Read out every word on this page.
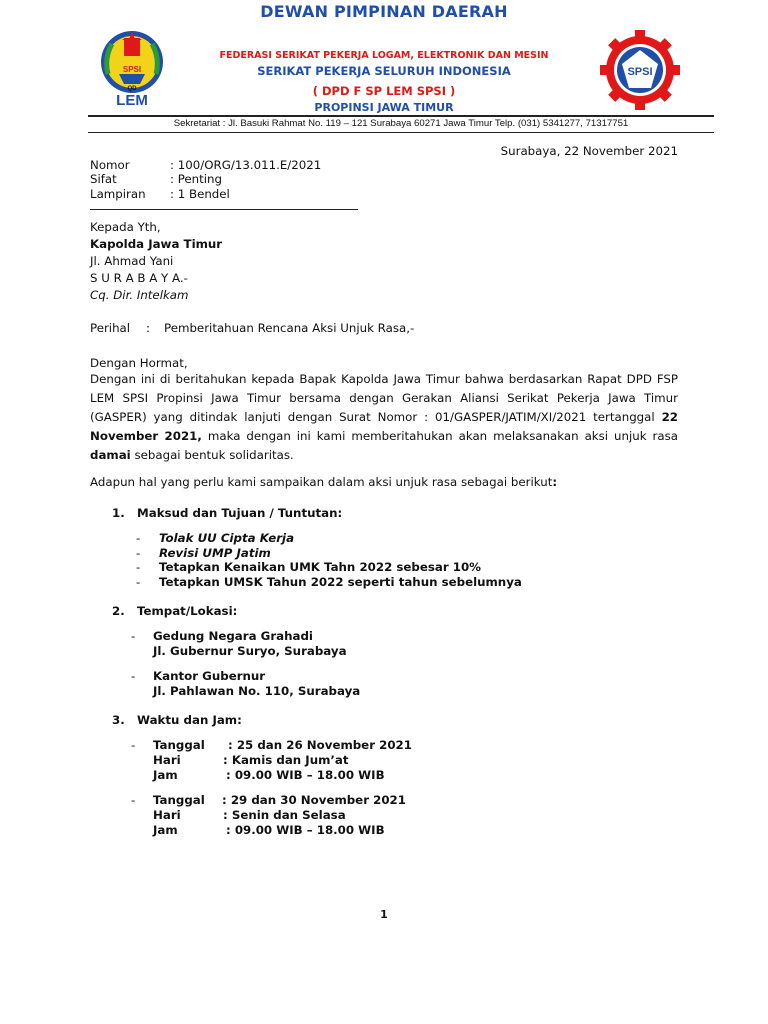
SPSI
QD
LEM
SPSI
DEWAN PIMPINAN DAERAH
FEDERASI SERIKAT PEKERJA LOGAM, ELEKTRONIK DAN MESIN
SERIKAT PEKERJA SELURUH INDONESIA
( DPD F SP LEM SPSI )
PROPINSI JAWA TIMUR
Sekretariat : Jl. Basuki Rahmat No. 119 – 121 Surabaya 60271 Jawa Timur Telp. (031) 5341277, 71317751
Surabaya, 22 November 2021
Nomor	: 100/ORG/13.011.E/2021
Sifat	: Penting
Lampiran : 1 Bendel
Kepada Yth,
Kapolda Jawa Timur
Jl. Ahmad Yani
S U R A B A Y A.-
Cq. Dir. Intelkam
Perihal : Pemberitahuan Rencana Aksi Unjuk Rasa,-
Dengan Hormat,
Dengan ini di beritahukan kepada Bapak Kapolda Jawa Timur bahwa berdasarkan Rapat DPD FSP LEM SPSI Propinsi Jawa Timur bersama dengan Gerakan Aliansi Serikat Pekerja Jawa Timur (GASPER) yang ditindak lanjuti dengan Surat Nomor : 01/GASPER/JATIM/XI/2021 tertanggal 22 November 2021, maka dengan ini kami memberitahukan akan melaksanakan aksi unjuk rasa damai sebagai bentuk solidaritas.
Adapun hal yang perlu kami sampaikan dalam aksi unjuk rasa sebagai berikut:
1. Maksud dan Tujuan / Tuntutan:
-	Tolak UU Cipta Kerja
-	Revisi UMP Jatim
-	Tetapkan Kenaikan UMK Tahn 2022 sebesar 10%
-	Tetapkan UMSK Tahun 2022 seperti tahun sebelumnya
2. Tempat/Lokasi:
-	Gedung Negara Grahadi
Jl. Gubernur Suryo, Surabaya
-	Kantor Gubernur
Jl. Pahlawan No. 110, Surabaya
3. Waktu dan Jam:
-	Tanggal : 25 dan 26 November 2021
Hari	: Kamis dan Jum’at
Jam	: 09.00 WIB – 18.00 WIB
-	Tanggal : 29 dan 30 November 2021
Hari	: Senin dan Selasa
Jam	: 09.00 WIB – 18.00 WIB
1
